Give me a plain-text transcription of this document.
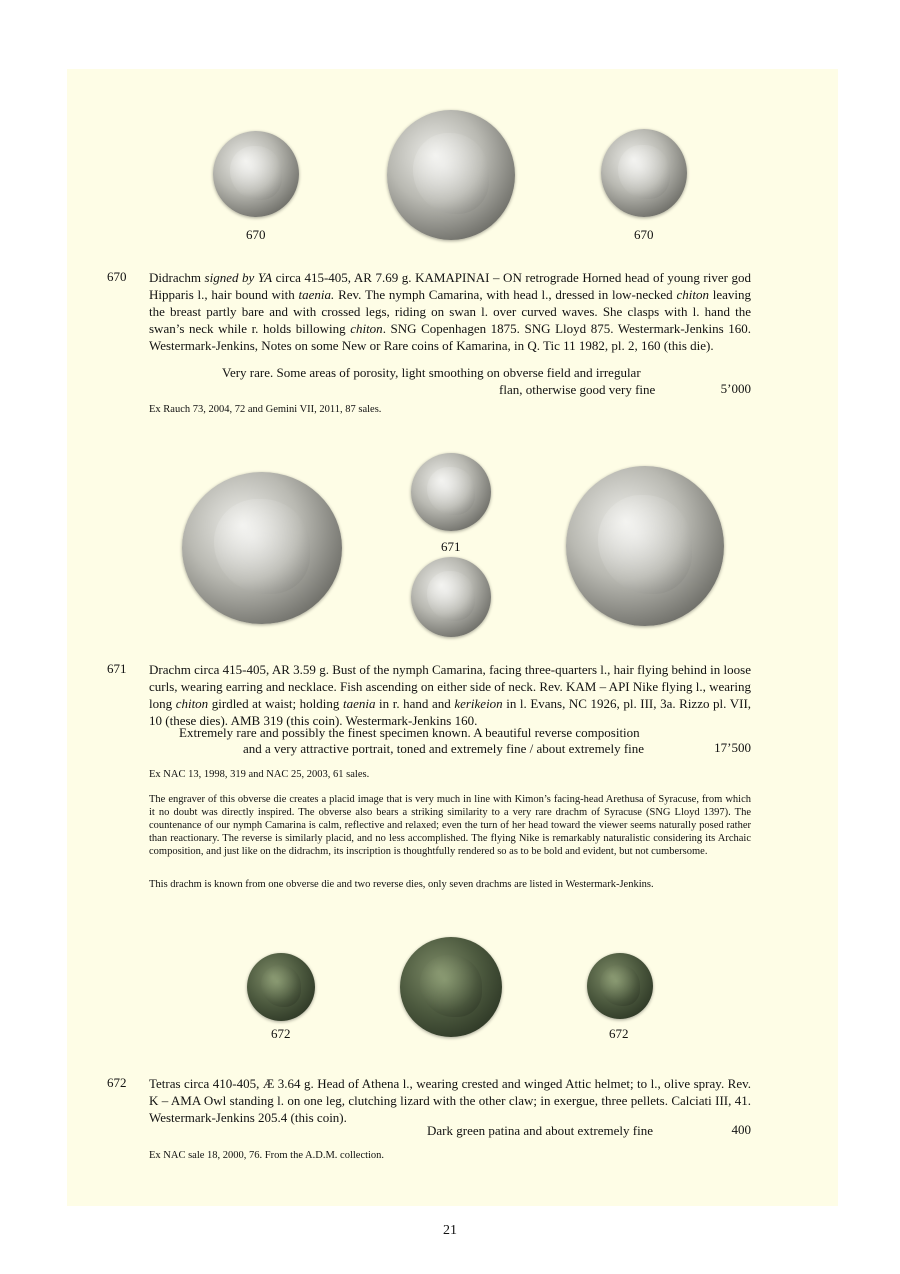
670	670
670 Didrachm signed by YA circa 415-405, AR 7.69 g. KAMAPINAI – ON retrograde Horned head of young river god Hipparis l., hair bound with taenia. Rev. The nymph Camarina, with head l., dressed in low-necked chiton leaving the breast partly bare and with crossed legs, riding on swan l. over curved waves. She clasps with l. hand the swan’s neck while r. holds billowing chiton. SNG Copenhagen 1875. SNG Lloyd 875. Westermark-Jenkins 160. Westermark-Jenkins, Notes on some New or Rare coins of Kamarina, in Q. Tic 11 1982, pl. 2, 160 (this die).
Very rare. Some areas of porosity, light smoothing on obverse field and irregular
flan, otherwise good very fine	5’000
Ex Rauch 73, 2004, 72 and Gemini VII, 2011, 87 sales.
671
671 Drachm circa 415-405, AR 3.59 g. Bust of the nymph Camarina, facing three-quarters l., hair flying behind in loose curls, wearing earring and necklace. Fish ascending on either side of neck. Rev. KAM – API Nike flying l., wearing long chiton girdled at waist; holding taenia in r. hand and kerikeion in l. Evans, NC 1926, pl. III, 3a. Rizzo pl. VII, 10 (these dies). AMB 319 (this coin). Westermark-Jenkins 160.
Extremely rare and possibly the finest specimen known. A beautiful reverse composition
and a very attractive portrait, toned and extremely fine / about extremely fine	17’500
Ex NAC 13, 1998, 319 and NAC 25, 2003, 61 sales.
The engraver of this obverse die creates a placid image that is very much in line with Kimon’s facing-head Arethusa of Syracuse, from which it no doubt was directly inspired. The obverse also bears a striking similarity to a very rare drachm of Syracuse (SNG Lloyd 1397). The countenance of our nymph Camarina is calm, reflective and relaxed; even the turn of her head toward the viewer seems naturally posed rather than reactionary. The reverse is similarly placid, and no less accomplished. The flying Nike is remarkably naturalistic considering its Archaic composition, and just like on the didrachm, its inscription is thoughtfully rendered so as to be bold and evident, but not cumbersome.
This drachm is known from one obverse die and two reverse dies, only seven drachms are listed in Westermark-Jenkins.
672	672
672 Tetras circa 410-405, Æ 3.64 g. Head of Athena l., wearing crested and winged Attic helmet; to l., olive spray. Rev. K – AMA Owl standing l. on one leg, clutching lizard with the other claw; in exergue, three pellets. Calciati III, 41. Westermark-Jenkins 205.4 (this coin).
Dark green patina and about extremely fine	400
Ex NAC sale 18, 2000, 76. From the A.D.M. collection.
21
